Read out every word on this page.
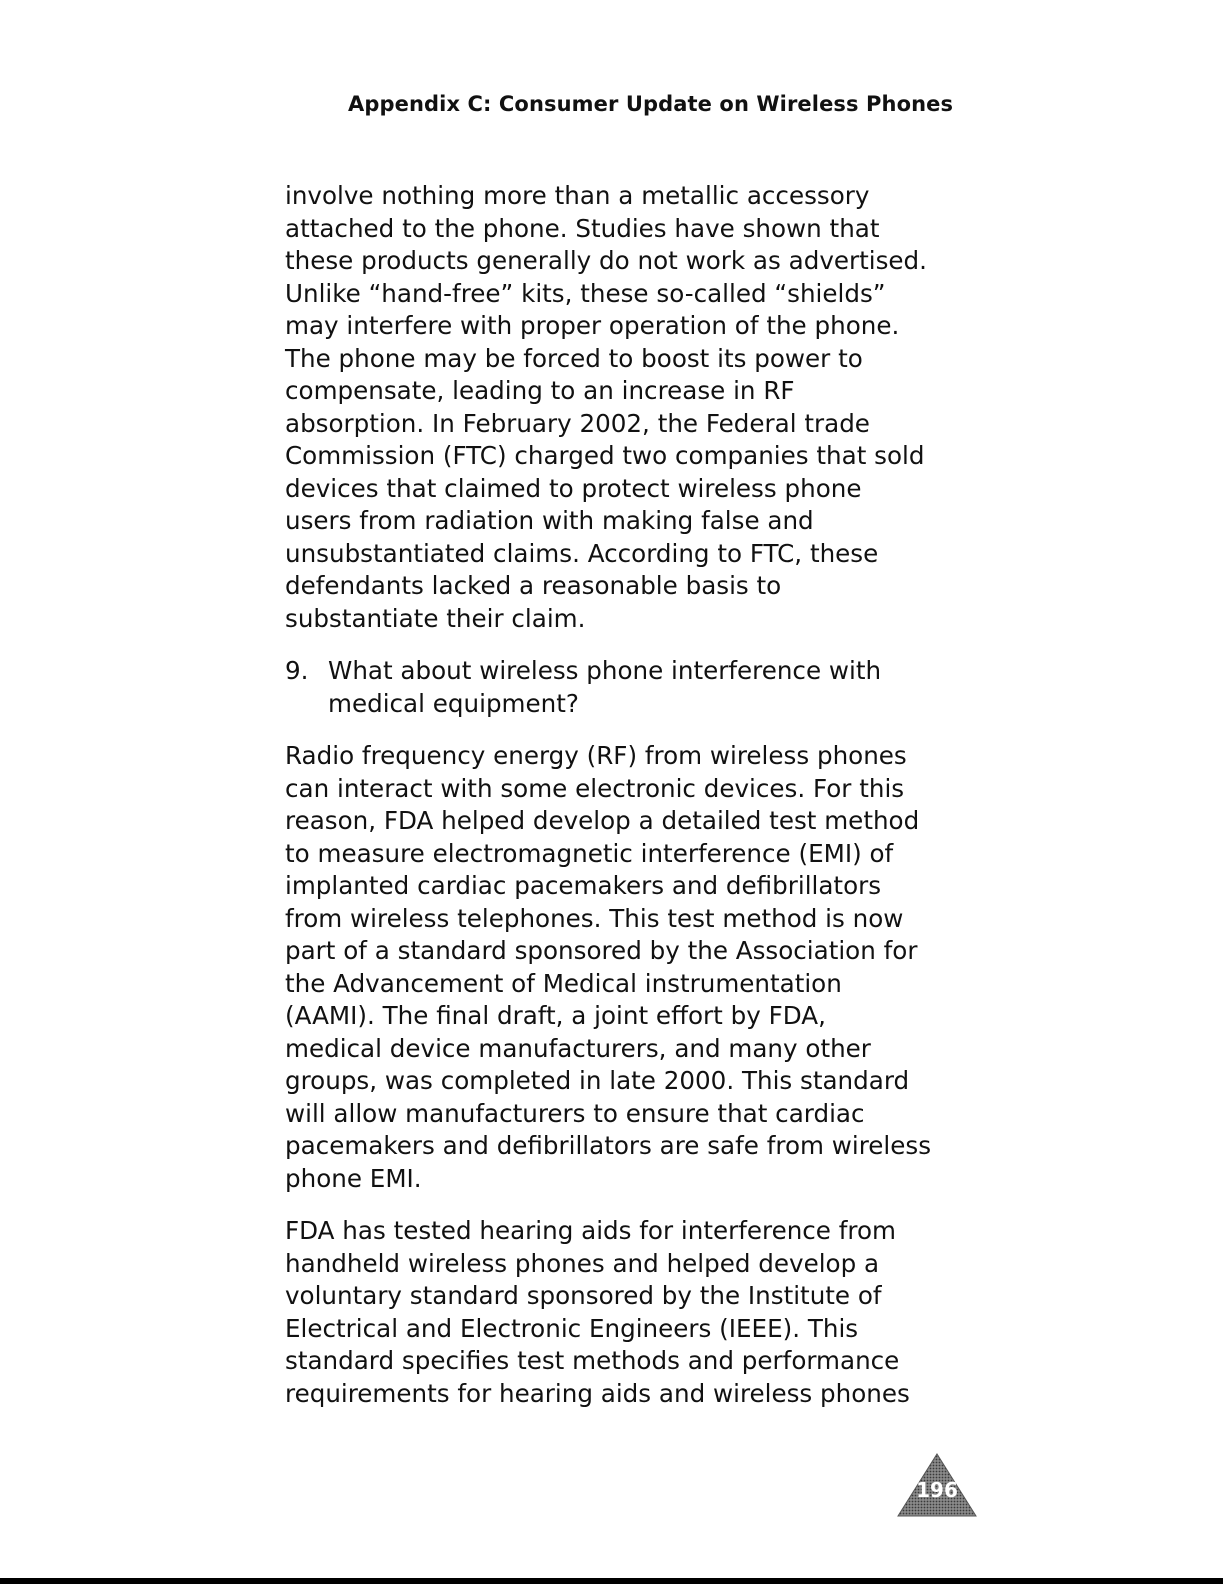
Appendix C: Consumer Update on Wireless Phones
involve nothing more than a metallic accessory
attached to the phone. Studies have shown that
these products generally do not work as advertised.
Unlike “hand-free” kits, these so-called “shields”
may interfere with proper operation of the phone.
The phone may be forced to boost its power to
compensate, leading to an increase in RF
absorption. In February 2002, the Federal trade
Commission (FTC) charged two companies that sold
devices that claimed to protect wireless phone
users from radiation with making false and
unsubstantiated claims. According to FTC, these
defendants lacked a reasonable basis to
substantiate their claim.
9. What about wireless phone interference with
medical equipment?
Radio frequency energy (RF) from wireless phones
can interact with some electronic devices. For this
reason, FDA helped develop a detailed test method
to measure electromagnetic interference (EMI) of
implanted cardiac pacemakers and defibrillators
from wireless telephones. This test method is now
part of a standard sponsored by the Association for
the Advancement of Medical instrumentation
(AAMI). The final draft, a joint effort by FDA,
medical device manufacturers, and many other
groups, was completed in late 2000. This standard
will allow manufacturers to ensure that cardiac
pacemakers and defibrillators are safe from wireless
phone EMI.
FDA has tested hearing aids for interference from
handheld wireless phones and helped develop a
voluntary standard sponsored by the Institute of
Electrical and Electronic Engineers (IEEE). This
standard specifies test methods and performance
requirements for hearing aids and wireless phones
196
